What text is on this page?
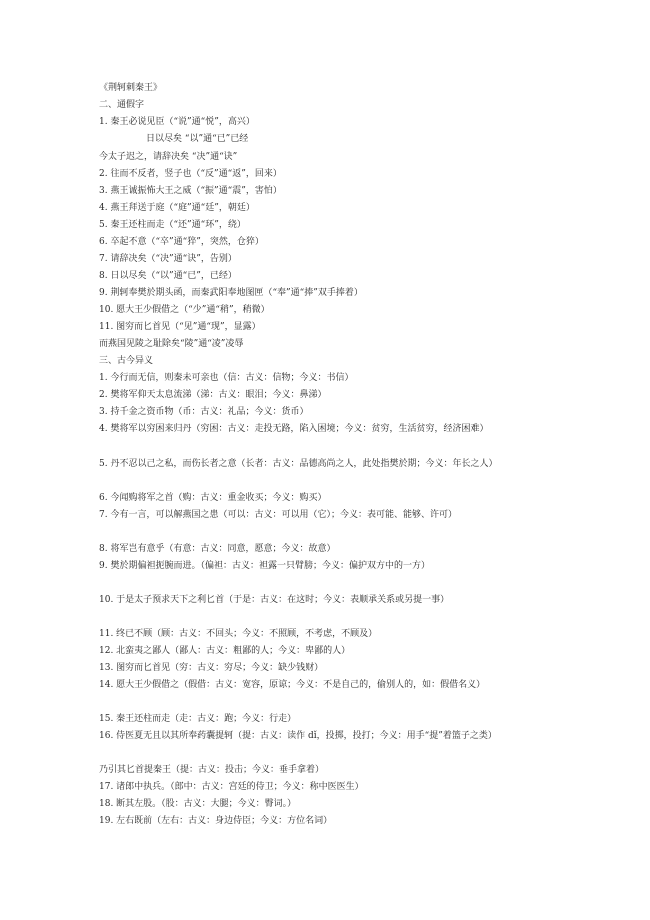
《荆轲刺秦王》
二、通假字
1. 秦王必说见臣（“说”通“悦”，高兴）
日以尽矣 “以”通“已”已经
今太子迟之，请辞决矣 “决”通“诀”
2. 往而不反者，竖子也（“反”通“返”，回来）
3. 燕王诚振怖大王之威（“振”通“震”，害怕）
4. 燕王拜送于庭（“庭”通“廷”，朝廷）
5. 秦王还柱而走（“还”通“环”，绕）
6. 卒起不意（“卒”通“猝”，突然，仓猝）
7. 请辞决矣（“决”通“诀”，告别）
8. 日以尽矣（“以”通“已”，已经）
9. 荆轲奉樊於期头函，而秦武阳奉地图匣（“奉”通“捧”双手捧着）
10. 愿大王少假借之（“少”通“稍”，稍微）
11. 图穷而匕首见（“见”通“现”，显露）
而燕国见陵之耻除矣“陵”通“凌”凌辱
三、古今异义
1. 今行而无信，则秦未可亲也（信：古义：信物；今义：书信）
2. 樊将军仰天太息流涕（涕：古义：眼泪；今义：鼻涕）
3. 持千金之资币物（币：古义：礼品；今义：货币）
4. 樊将军以穷困来归丹（穷困：古义：走投无路，陷入困境；今义：贫穷，生活贫穷，经济困难）
5. 丹不忍以己之私，而伤长者之意（长者：古义：品德高尚之人，此处指樊於期；今义：年长之人）
6. 今闻购将军之首（购：古义：重金收买；今义：购买）
7. 今有一言，可以解燕国之患（可以：古义：可以用（它）；今义：表可能、能够、许可）
8. 将军岂有意乎（有意：古义：同意，愿意；今义：故意）
9. 樊於期偏袒扼腕而进。（偏袒：古义：袒露一只臂膀；今义：偏护双方中的一方）
10. 于是太子预求天下之利匕首（于是：古义：在这时；今义：表顺承关系或另提一事）
11. 终已不顾（顾：古义：不回头；今义：不照顾，不考虑，不顾及）
12. 北蛮夷之鄙人（鄙人：古义：粗鄙的人；今义：卑鄙的人）
13. 图穷而匕首见（穷：古义：穷尽；今义：缺少钱财）
14. 愿大王少假借之（假借：古义：宽容，原谅；今义：不是自己的，偷别人的，如：假借名义）
15. 秦王还柱而走（走：古义：跑；今义：行走）
16. 侍医夏无且以其所奉药囊提轲（提：古义：读作 dǐ，投掷，投打；今义：用手“提”着篮子之类）
乃引其匕首提秦王（提：古义：投击；今义：垂手拿着）
17. 诸郎中执兵。（郎中：古义：宫廷的侍卫；今义：称中医医生）
18. 断其左股。（股：古义：大腿；今义：臀词。）
19. 左右既前（左右：古义：身边侍臣；今义：方位名词）
